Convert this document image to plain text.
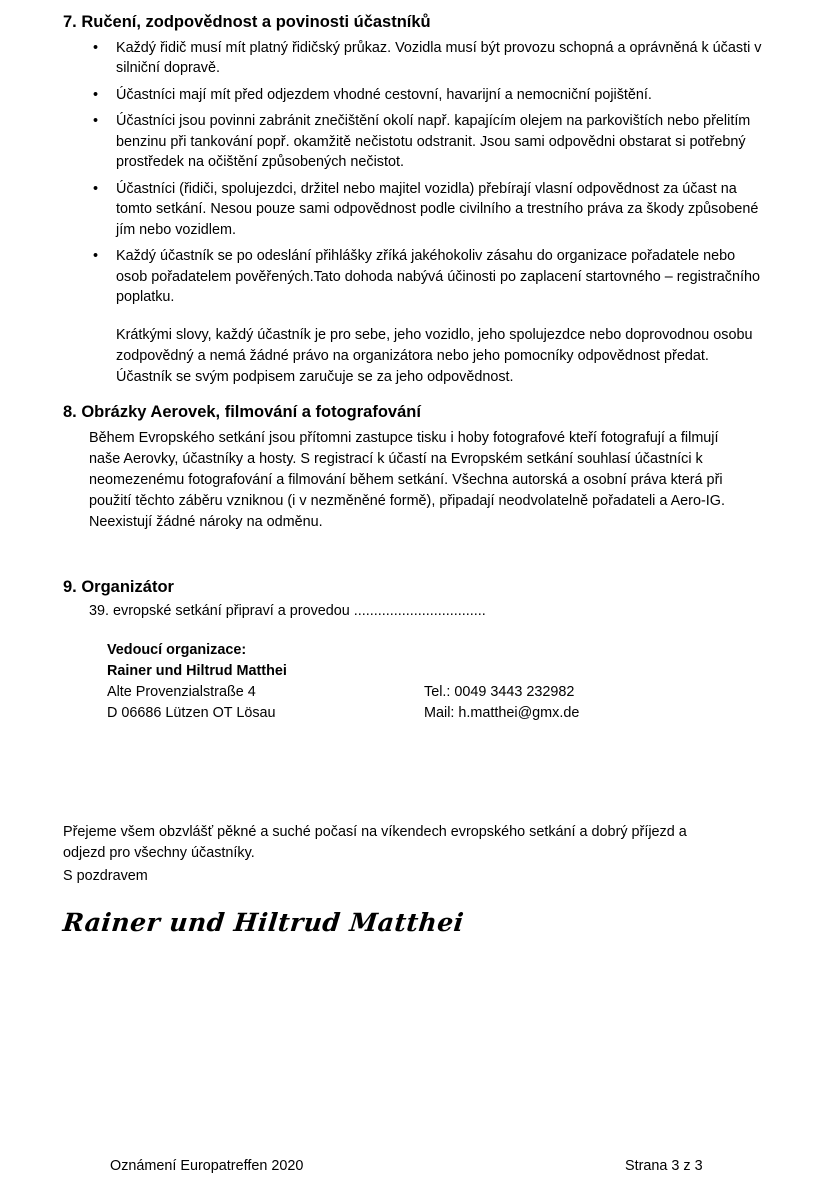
7. Ručení, zodpovědnost a povinosti účastníků
• Každý řidič musí mít platný řidičský průkaz. Vozidla musí být provozu schopná a oprávněná k účasti v silniční dopravě.
• Účastníci mají mít před odjezdem vhodné cestovní, havarijní a nemocniční pojištění.
• Účastníci jsou povinni zabránit znečištění okolí např. kapajícím olejem na parkovištích nebo přelitím benzinu při tankování popř. okamžitě nečistotu odstranit. Jsou sami odpovědni obstarat si potřebný prostředek na očištění způsobených nečistot.
• Účastníci (řidiči, spolujezdci, držitel nebo majitel vozidla) přebírají vlasní odpovědnost za účast na tomto setkání. Nesou pouze sami odpovědnost podle civilního a trestního práva za škody způsobené jím nebo vozidlem.
• Každý účastník se po odeslání přihlášky zříká jakéhokoliv zásahu do organizace pořadatele nebo osob pořadatelem pověřených.Tato dohoda nabývá účinosti po zaplacení startovného – registračního poplatku.

Krátkými slovy, každý účastník je pro sebe, jeho vozidlo, jeho spolujezdce nebo doprovodnou osobu zodpovědný a nemá žádné právo na organizátora nebo jeho pomocníky odpovědnost předat. Účastník se svým podpisem zaručuje se za jeho odpovědnost.

8. Obrázky Aerovek, filmování a fotografování
Během Evropského setkání jsou přítomni zastupce tisku i hoby fotografové kteří fotografují a filmují naše Aerovky, účastníky a hosty. S registrací k účastí na Evropském setkání souhlasí účastníci k neomezenému fotografování a filmování během setkání. Všechna autorská a osobní práva která při použití těchto záběru vzniknou (i v nezměněné formě), připadají neodvolatelně pořadateli a Aero-IG.
Neexistují žádné nároky na odměnu.
9. Organizátor
39. evropské setkání připraví a provedou .................................
Vedoucí organizace:
Rainer und Hiltrud Matthei
Alte Provenzialstraße 4	Tel.: 0049 3443 232982
D 06686 Lützen OT Lösau	Mail: h.matthei@gmx.de

Přejeme všem obzvlášť pěkné a suché počasí na víkendech evropského setkání a dobrý příjezd a odjezd pro všechny účastníky.

S pozdravem
Rainer und Hiltrud Matthei
Oznámení Europatreffen 2020	Strana 3 z 3
